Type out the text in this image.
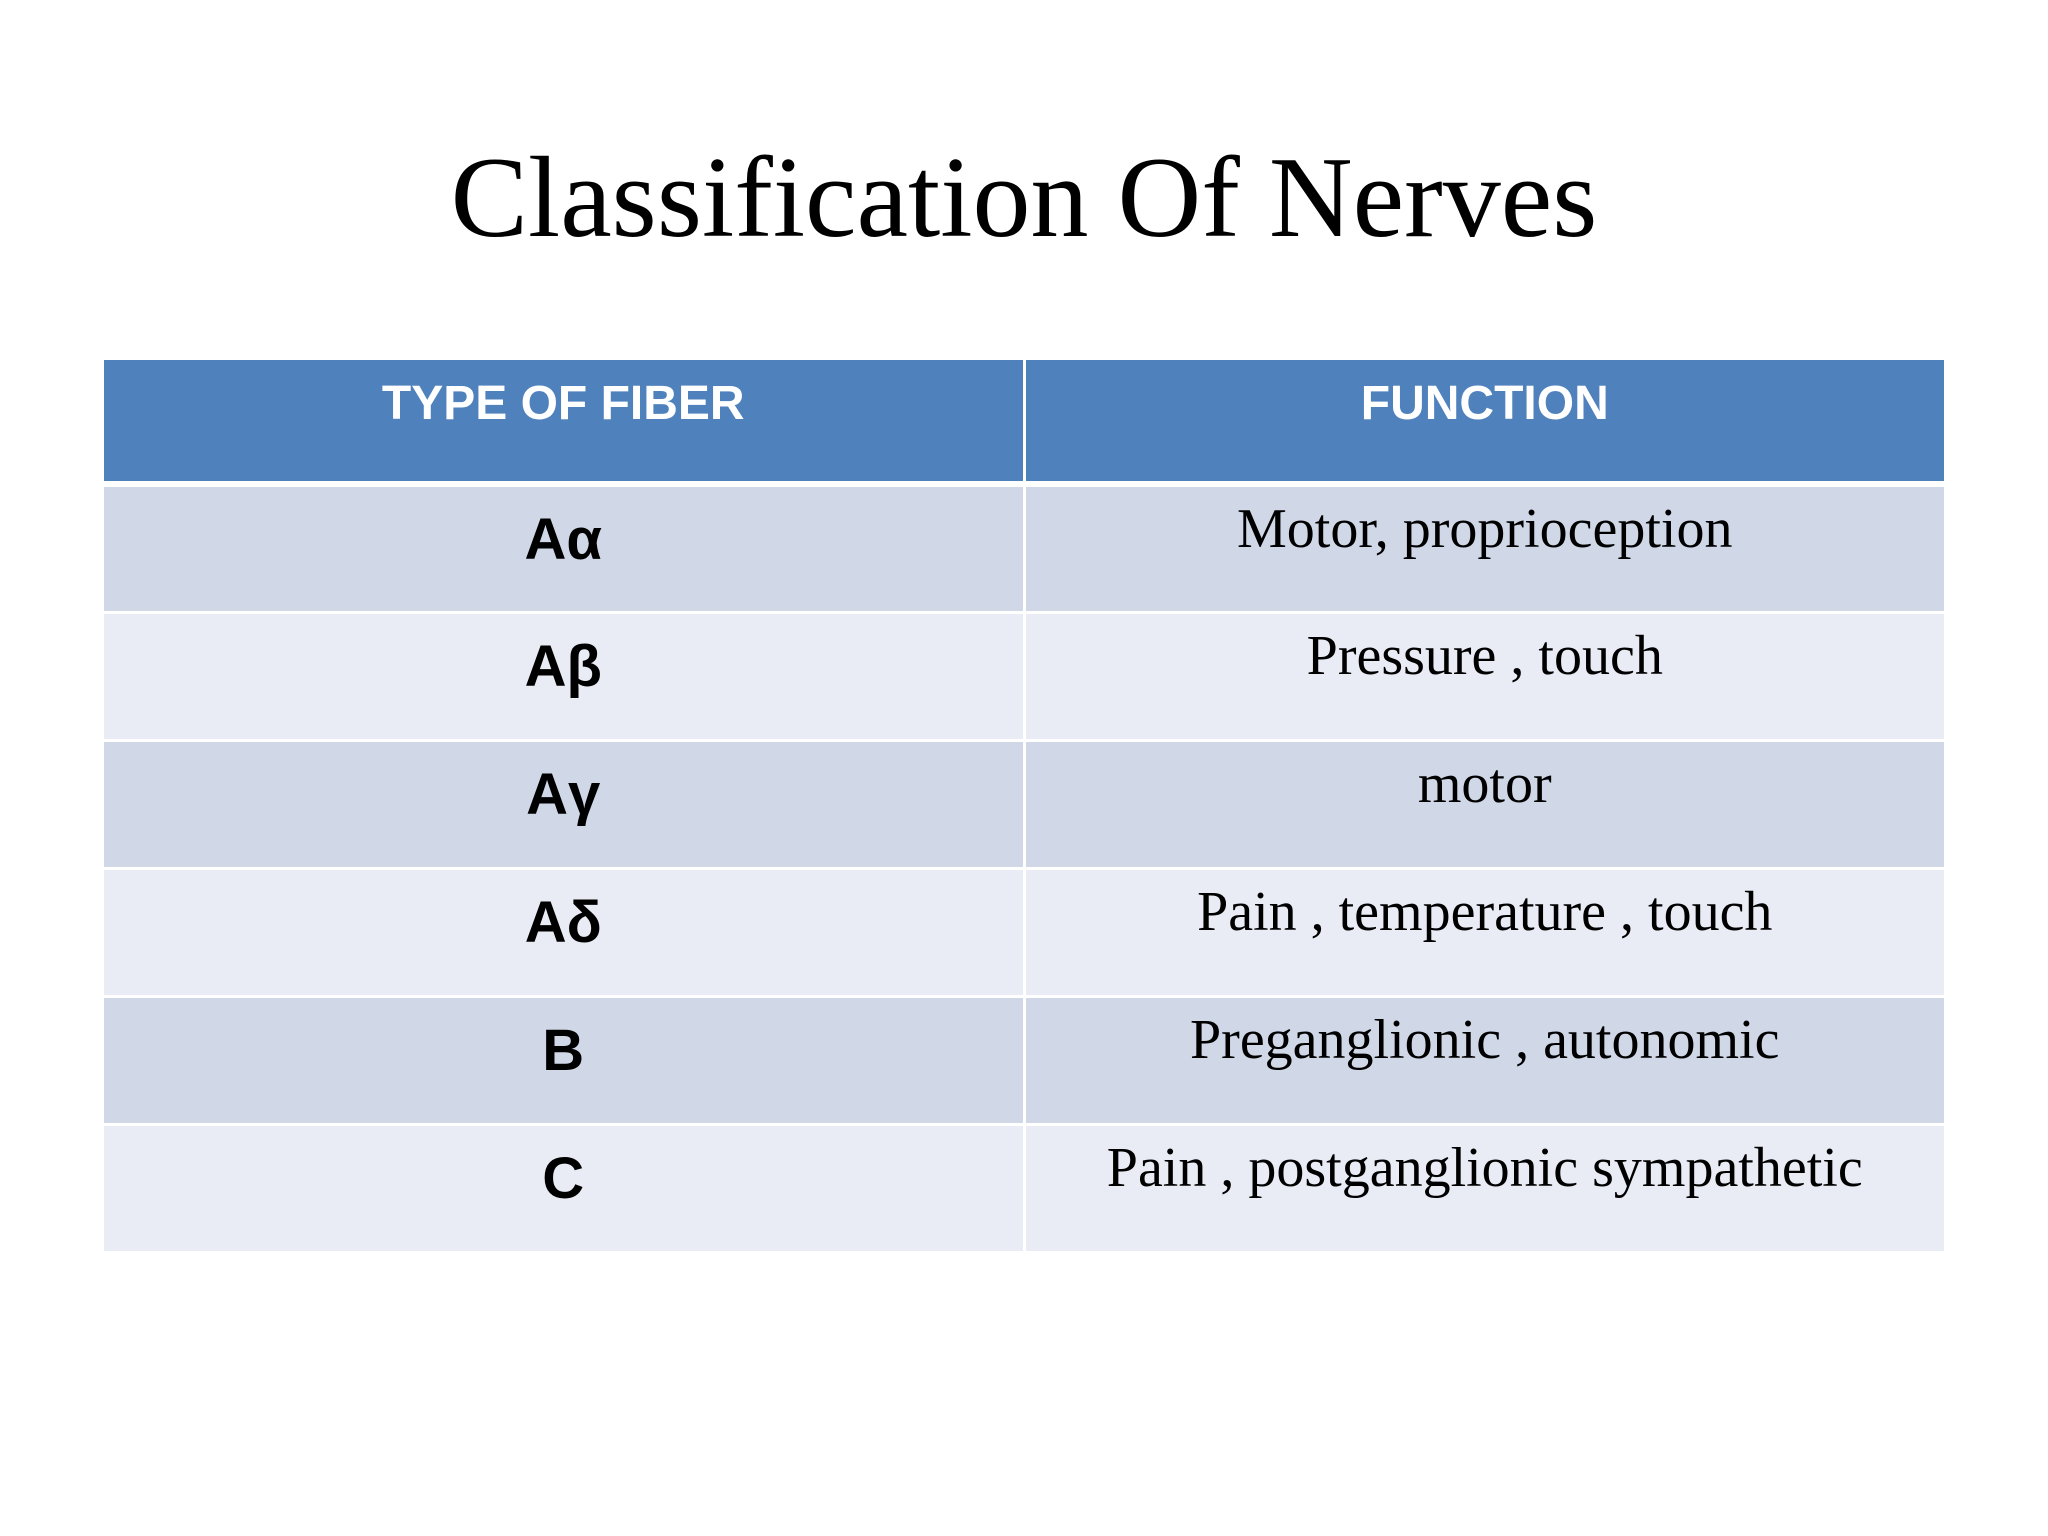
Classification Of Nerves
TYPE OF FIBER	FUNCTION
Aα	Motor, proprioception
Aβ	Pressure , touch
Aγ	motor
Aδ	Pain , temperature , touch
B	Preganglionic , autonomic
C	Pain , postganglionic sympathetic
